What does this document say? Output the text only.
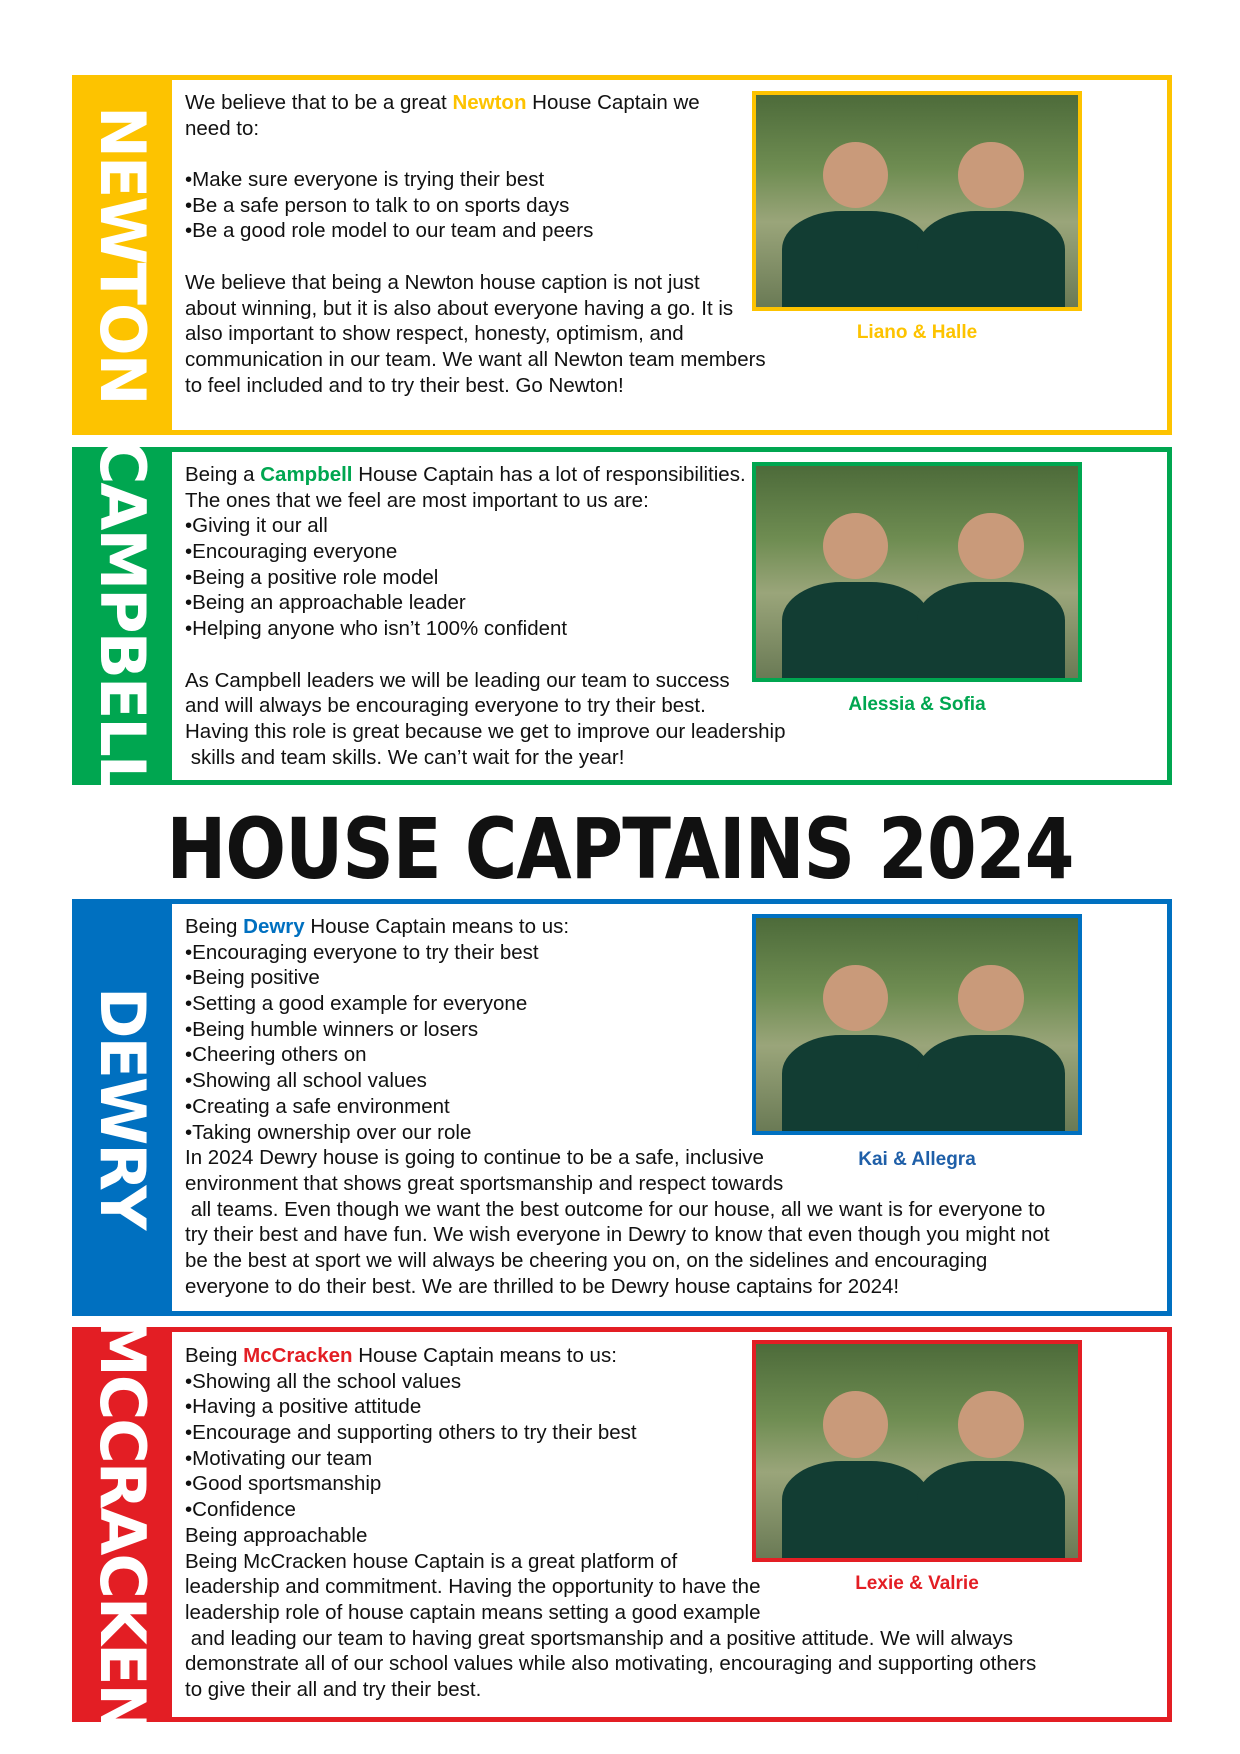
HOUSE CAPTAINS 2024
NEWTON
We believe that to be a great Newton House Captain we
need to:
•Make sure everyone is trying their best
•Be a safe person to talk to on sports days
•Be a good role model to our team and peers
We believe that being a Newton house caption is not just
about winning, but it is also about everyone having a go. It is
also important to show respect, honesty, optimism, and
communication in our team. We want all Newton team members
to feel included and to try their best. Go Newton!
Liano & Halle
CAMPBELL Being a Campbell House Captain has a lot of responsibilities.
The ones that we feel are most important to us are:
•Giving it our all
•Encouraging everyone
•Being a positive role model
•Being an approachable leader
•Helping anyone who isn’t 100% confident
As Campbell leaders we will be leading our team to success
and will always be encouraging everyone to try their best.
Having this role is great because we get to improve our leadership
skills and team skills. We can’t wait for the year!
Alessia & Sofia
DEWRY
Being Dewry House Captain means to us:
•Encouraging everyone to try their best
•Being positive
•Setting a good example for everyone
•Being humble winners or losers
•Cheering others on
•Showing all school values
•Creating a safe environment
•Taking ownership over our role
In 2024 Dewry house is going to continue to be a safe, inclusive
environment that shows great sportsmanship and respect towards
all teams. Even though we want the best outcome for our house, all we want is for everyone to
try their best and have fun. We wish everyone in Dewry to know that even though you might not
be the best at sport we will always be cheering you on, on the sidelines and encouraging
everyone to do their best. We are thrilled to be Dewry house captains for 2024!
Kai & Allegra
MCCRACKEN Being McCracken House Captain means to us:
•Showing all the school values
•Having a positive attitude
•Encourage and supporting others to try their best
•Motivating our team
•Good sportsmanship
•Confidence
Being approachable
Being McCracken house Captain is a great platform of
leadership and commitment. Having the opportunity to have the
leadership role of house captain means setting a good example
and leading our team to having great sportsmanship and a positive attitude. We will always
demonstrate all of our school values while also motivating, encouraging and supporting others
to give their all and try their best.
Lexie & Valrie
